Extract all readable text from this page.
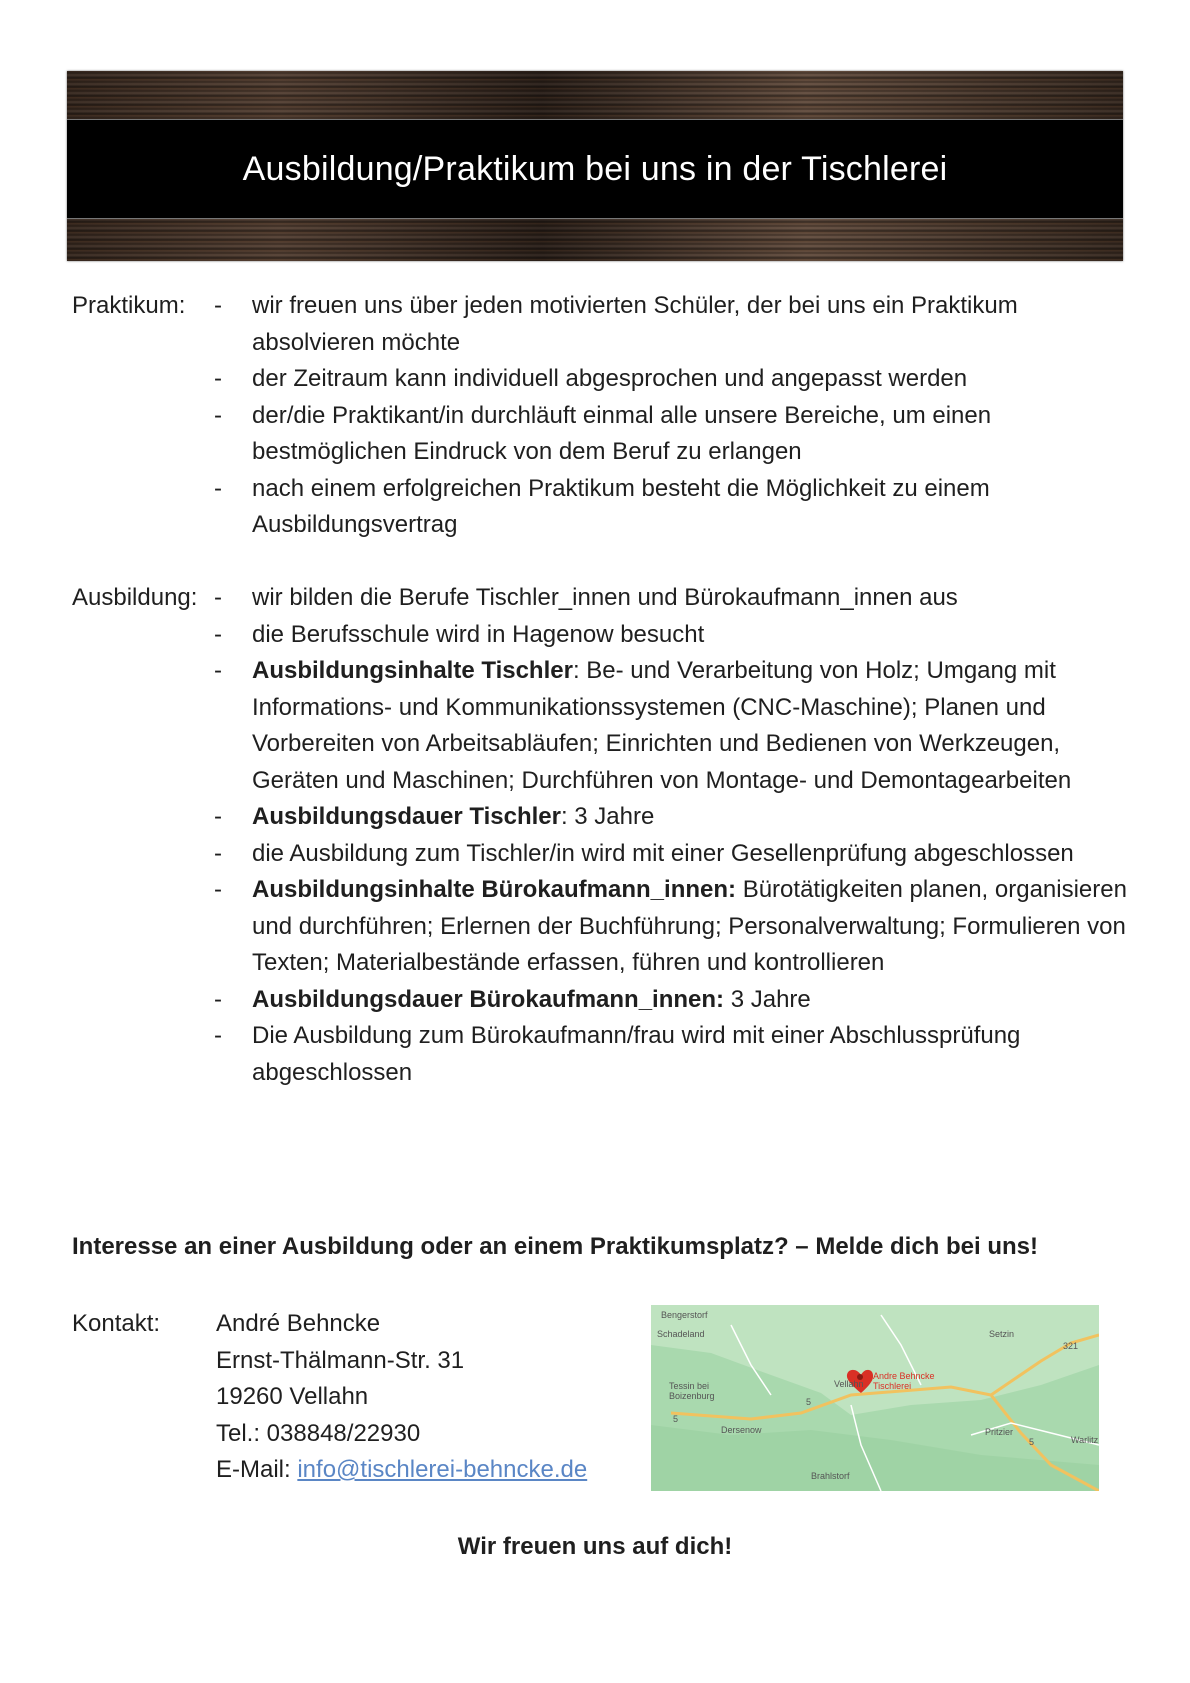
Ausbildung/Praktikum bei uns in der Tischlerei
Praktikum:	-	wir freuen uns über jeden motivierten Schüler, der bei uns ein Praktikum absolvieren möchte
-	der Zeitraum kann individuell abgesprochen und angepasst werden
-	der/die Praktikant/in durchläuft einmal alle unsere Bereiche, um einen bestmöglichen Eindruck von dem Beruf zu erlangen
-	nach einem erfolgreichen Praktikum besteht die Möglichkeit zu einem Ausbildungsvertrag
Ausbildung: -	wir bilden die Berufe Tischler_innen und Bürokaufmann_innen aus
-	die Berufsschule wird in Hagenow besucht
-	Ausbildungsinhalte Tischler: Be- und Verarbeitung von Holz; Umgang mit Informations- und Kommunikationssystemen (CNC-Maschine); Planen und Vorbereiten von Arbeitsabläufen; Einrichten und Bedienen von Werkzeugen, Geräten und Maschinen; Durchführen von Montage- und Demontagearbeiten
-	Ausbildungsdauer Tischler: 3 Jahre
-	die Ausbildung zum Tischler/in wird mit einer Gesellenprüfung abgeschlossen
-	Ausbildungsinhalte Bürokaufmann_innen: Bürotätigkeiten planen, organisieren und durchführen; Erlernen der Buchführung; Personalverwaltung; Formulieren von Texten; Materialbestände erfassen, führen und kontrollieren
-	Ausbildungsdauer Bürokaufmann_innen: 3 Jahre
-	Die Ausbildung zum Bürokaufmann/frau wird mit einer Abschlussprüfung abgeschlossen
Interesse an einer Ausbildung oder an einem Praktikumsplatz? – Melde dich bei uns!
Kontakt:	André Behncke
Ernst-Thälmann-Str. 31
19260 Vellahn
Tel.: 038848/22930
E-Mail: info@tischlerei-behncke.de
Bengerstorf
Schadeland
Tessin bei Boizenburg
Vellahn
Dersenow
Brahlstorf
Setzin
Pritzier
Warlitz
Andre Behncke Tischlerei
321
5
5
5
Wir freuen uns auf dich!
